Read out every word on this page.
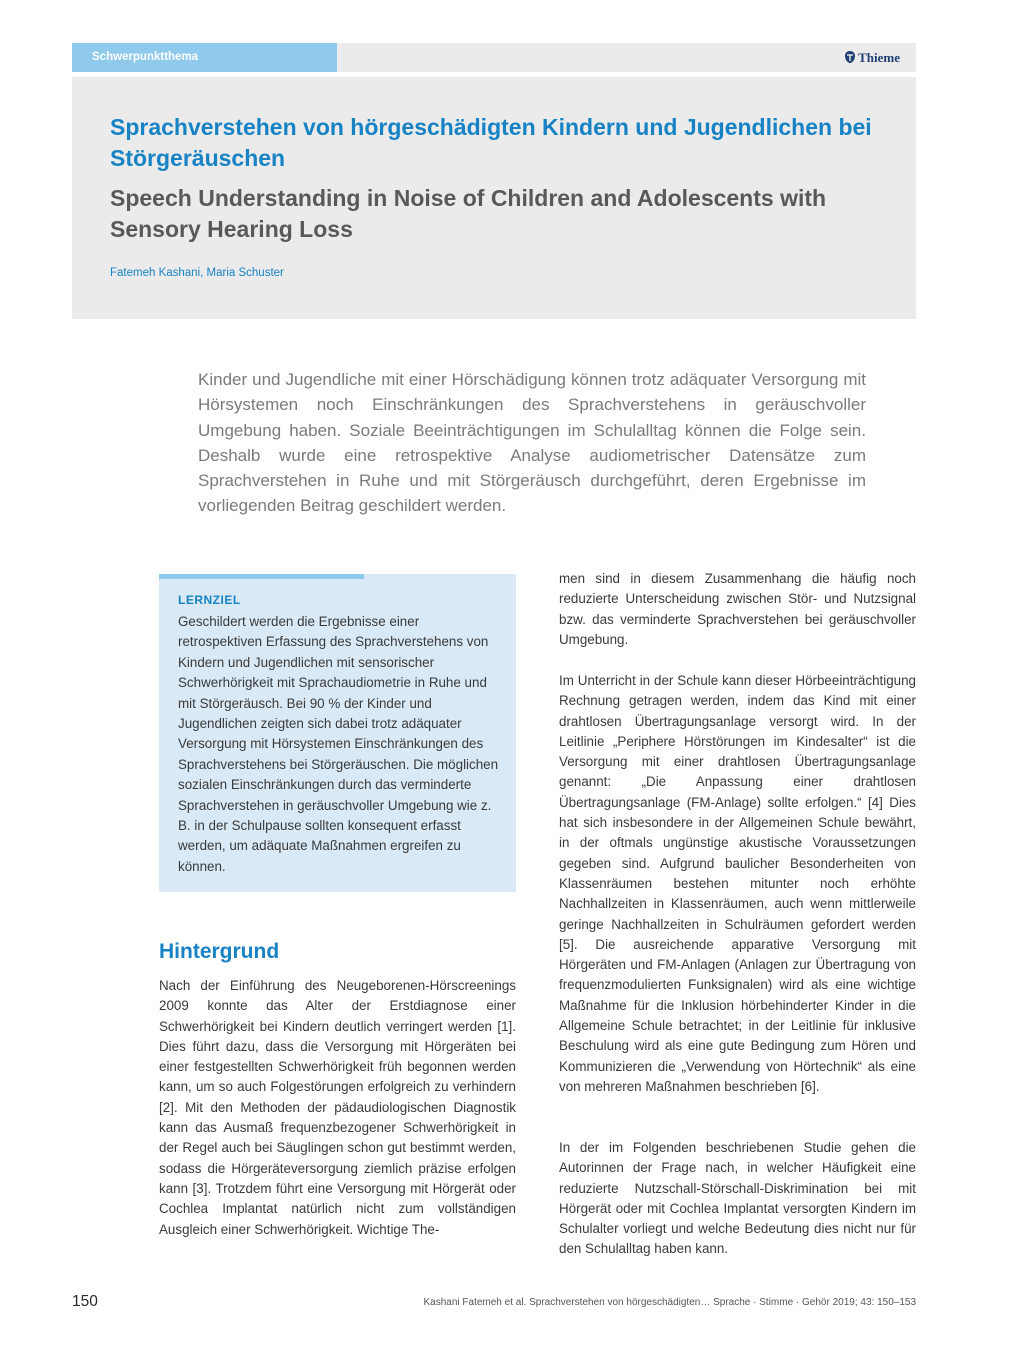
Schwerpunktthema	Thieme
Sprachverstehen von hörgeschädigten Kindern und Jugendlichen bei Störgeräuschen
Speech Understanding in Noise of Children and Adolescents with Sensory Hearing Loss
Fatemeh Kashani, Maria Schuster

Kinder und Jugendliche mit einer Hörschädigung können trotz adäquater Versorgung mit Hörsystemen noch Einschränkungen des Sprachverstehens in geräuschvoller Umgebung haben. Soziale Beeinträchtigungen im Schulalltag können die Folge sein. Deshalb wurde eine retrospektive Analyse audiometrischer Datensätze zum Sprachverstehen in Ruhe und mit Störgeräusch durchgeführt, deren Ergebnisse im vorliegenden Beitrag geschildert werden.

LERNZIEL

Geschildert werden die Ergebnisse einer retrospektiven Erfassung des Sprachverstehens von Kindern und Jugendlichen mit sensorischer Schwerhörigkeit mit Sprachaudiometrie in Ruhe und mit Störgeräusch. Bei 90 % der Kinder und Jugendlichen zeigten sich dabei trotz adäquater Versorgung mit Hörsystemen Einschränkungen des Sprachverstehens bei Störgeräuschen. Die möglichen sozialen Einschränkungen durch das verminderte Sprachverstehen in geräuschvoller Umgebung wie z. B. in der Schulpause sollten konsequent erfasst werden, um adäquate Maßnahmen ergreifen zu können.

Hintergrund

Nach der Einführung des Neugeborenen-Hörscreenings 2009 konnte das Alter der Erstdiagnose einer Schwerhörigkeit bei Kindern deutlich verringert werden [1]. Dies führt dazu, dass die Versorgung mit Hörgeräten bei einer festgestellten Schwerhörigkeit früh begonnen werden kann, um so auch Folgestörungen erfolgreich zu verhindern [2]. Mit den Methoden der pädaudiologischen Diagnostik kann das Ausmaß frequenzbezogener Schwerhörigkeit in der Regel auch bei Säuglingen schon gut bestimmt werden, sodass die Hörgeräteversorgung ziemlich präzise erfolgen kann [3]. Trotzdem führt eine Versorgung mit Hörgerät oder Cochlea Implantat natürlich nicht zum vollständigen Ausgleich einer Schwerhörigkeit. Wichtige The-

men sind in diesem Zusammenhang die häufig noch reduzierte Unterscheidung zwischen Stör- und Nutzsignal bzw. das verminderte Sprachverstehen bei geräuschvoller Umgebung.

Im Unterricht in der Schule kann dieser Hörbeeinträchtigung Rechnung getragen werden, indem das Kind mit einer drahtlosen Übertragungsanlage versorgt wird. In der Leitlinie „Periphere Hörstörungen im Kindesalter“ ist die Versorgung mit einer drahtlosen Übertragungsanlage genannt: „Die Anpassung einer drahtlosen Übertragungsanlage (FM-Anlage) sollte erfolgen.“ [4] Dies hat sich insbesondere in der Allgemeinen Schule bewährt, in der oftmals ungünstige akustische Voraussetzungen gegeben sind. Aufgrund baulicher Besonderheiten von Klassenräumen bestehen mitunter noch erhöhte Nachhallzeiten in Klassenräumen, auch wenn mittlerweile geringe Nachhallzeiten in Schulräumen gefordert werden [5]. Die ausreichende apparative Versorgung mit Hörgeräten und FM-Anlagen (Anlagen zur Übertragung von frequenzmodulierten Funksignalen) wird als eine wichtige Maßnahme für die Inklusion hörbehinderter Kinder in die Allgemeine Schule betrachtet; in der Leitlinie für inklusive Beschulung wird als eine gute Bedingung zum Hören und Kommunizieren die „Verwendung von Hörtechnik“ als eine von mehreren Maßnahmen beschrieben [6].

In der im Folgenden beschriebenen Studie gehen die Autorinnen der Frage nach, in welcher Häufigkeit eine reduzierte Nutzschall-Störschall-Diskrimination bei mit Hörgerät oder mit Cochlea Implantat versorgten Kindern im Schulalter vorliegt und welche Bedeutung dies nicht nur für den Schulalltag haben kann.

150	Kashani Fatemeh et al. Sprachverstehen von hörgeschädigten… Sprache · Stimme · Gehör 2019; 43: 150–153
